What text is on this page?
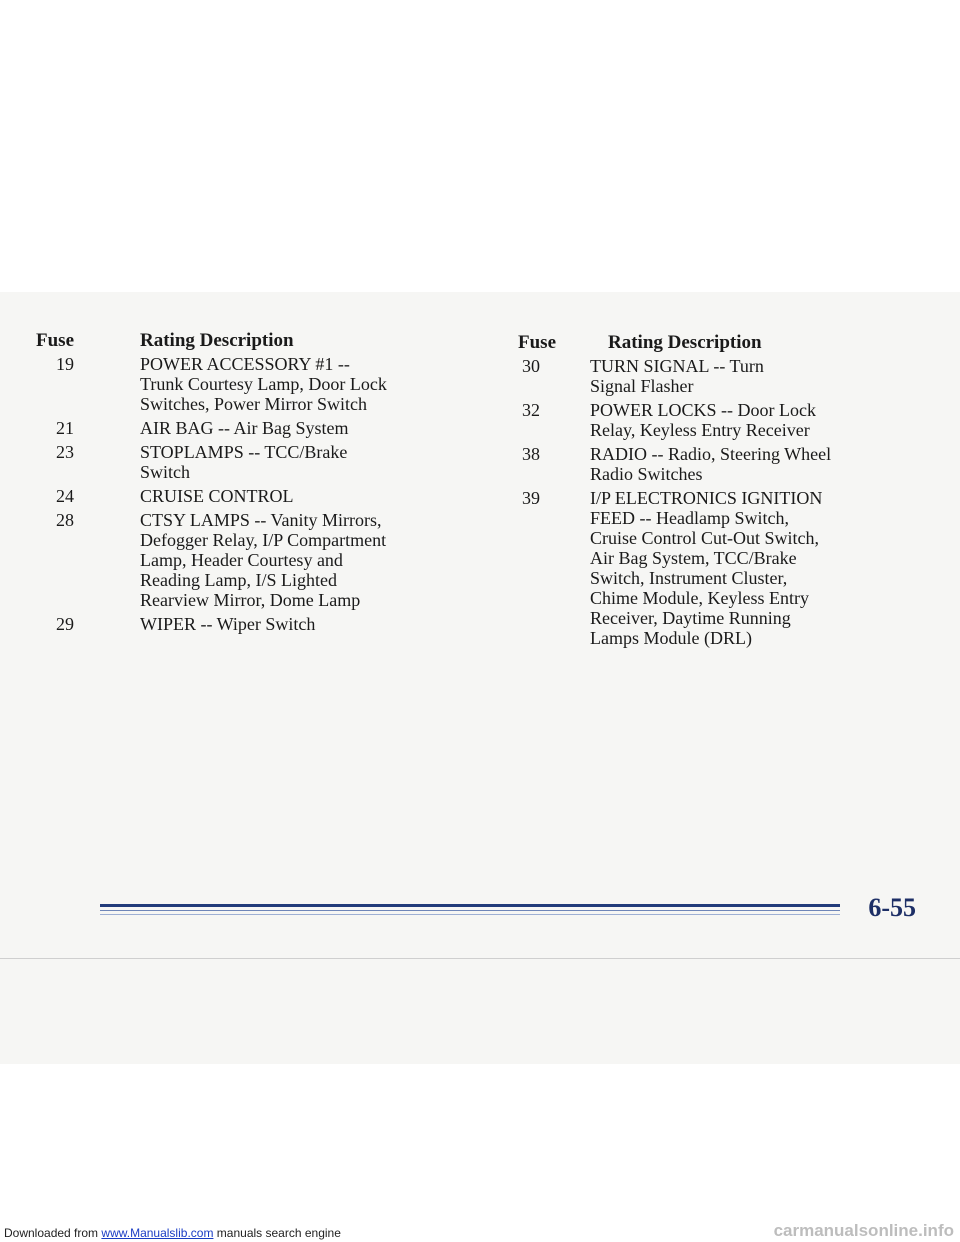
Fuse	Rating Description
19	POWER ACCESSORY #1 --
Trunk Courtesy Lamp, Door Lock
Switches, Power Mirror Switch
21	AIR BAG -- Air Bag System
23	STOPLAMPS -- TCC/Brake
Switch
24	CRUISE CONTROL
28	CTSY LAMPS -- Vanity Mirrors,
Defogger Relay, I/P Compartment
Lamp, Header Courtesy and
Reading Lamp, I/S Lighted
Rearview Mirror, Dome Lamp
29	WIPER -- Wiper Switch
Fuse	Rating Description
30	TURN SIGNAL -- Turn
Signal Flasher
32	POWER LOCKS -- Door Lock
Relay, Keyless Entry Receiver
38	RADIO -- Radio, Steering Wheel
Radio Switches
39	I/P ELECTRONICS IGNITION
FEED -- Headlamp Switch,
Cruise Control Cut-Out Switch,
Air Bag System, TCC/Brake
Switch, Instrument Cluster,
Chime Module, Keyless Entry
Receiver, Daytime Running
Lamps Module (DRL)
6-55
Downloaded from www.Manualslib.com manuals search engine	carmanualsonline.info
